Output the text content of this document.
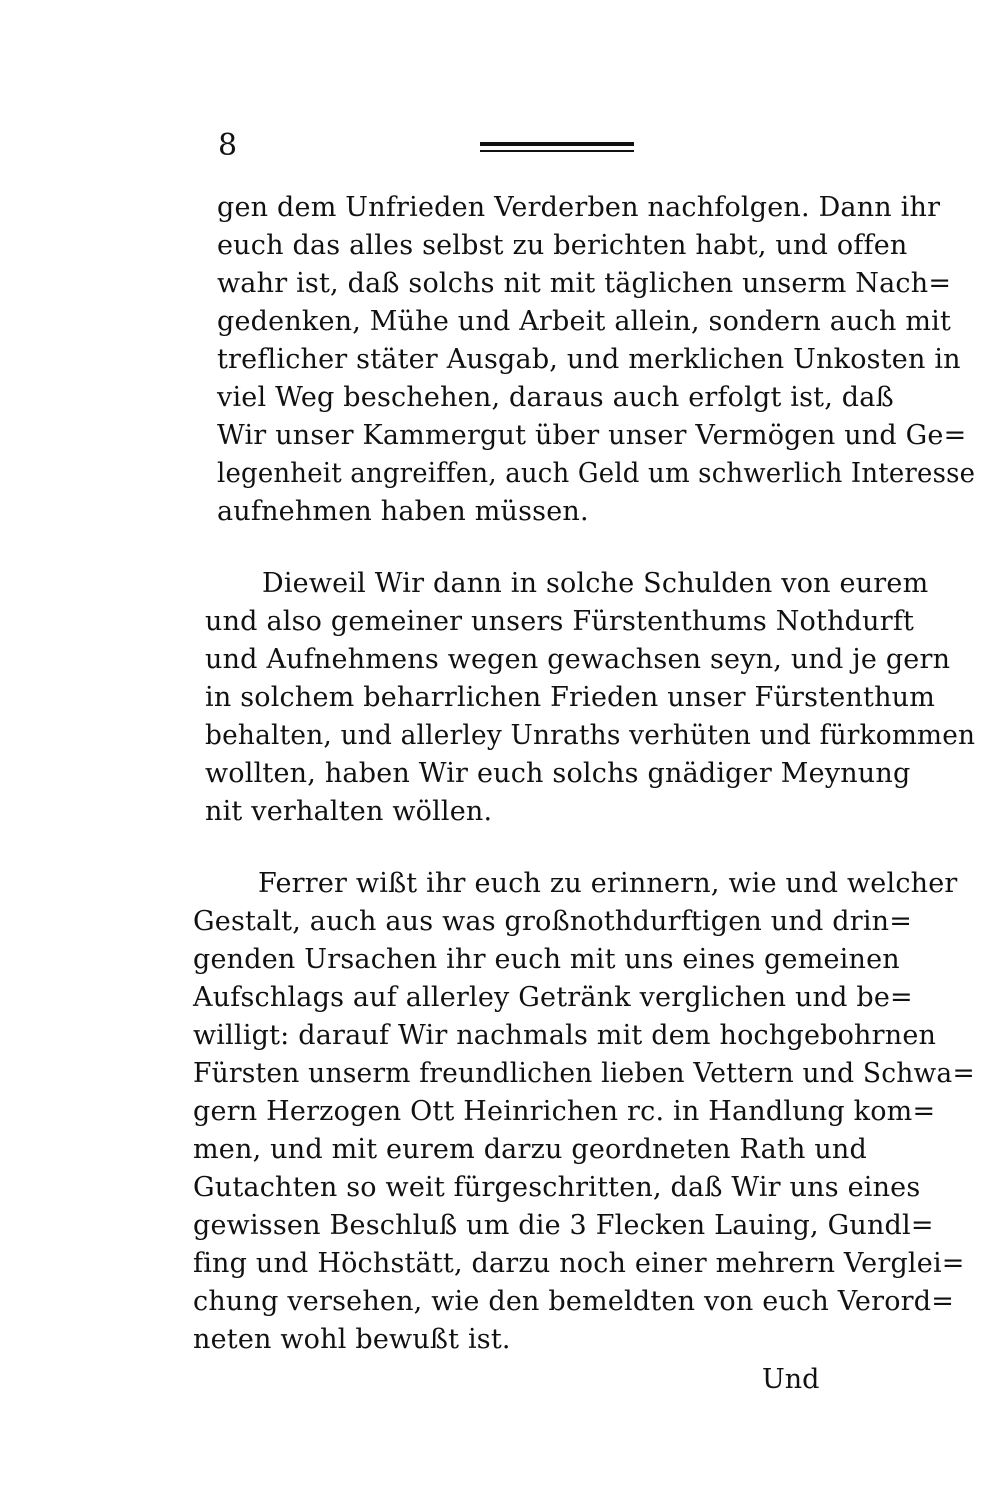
8
gen dem Unfrieden Verderben nachfolgen. Dann ihr
euch das alles selbst zu berichten habt, und offen
wahr ist, daß solchs nit mit täglichen unserm Nach=
gedenken, Mühe und Arbeit allein, sondern auch mit
treflicher stäter Ausgab, und merklichen Unkosten in
viel Weg beschehen, daraus auch erfolgt ist, daß
Wir unser Kammergut über unser Vermögen und Ge=
legenheit angreiffen, auch Geld um schwerlich Interesse
aufnehmen haben müssen.
Dieweil Wir dann in solche Schulden von eurem
und also gemeiner unsers Fürstenthums Nothdurft
und Aufnehmens wegen gewachsen seyn, und je gern
in solchem beharrlichen Frieden unser Fürstenthum
behalten, und allerley Unraths verhüten und fürkommen
wollten, haben Wir euch solchs gnädiger Meynung
nit verhalten wöllen.
Ferrer wißt ihr euch zu erinnern, wie und welcher
Gestalt, auch aus was großnothdurftigen und drin=
genden Ursachen ihr euch mit uns eines gemeinen
Aufschlags auf allerley Getränk verglichen und be=
willigt: darauf Wir nachmals mit dem hochgebohrnen
Fürsten unserm freundlichen lieben Vettern und Schwa=
gern Herzogen Ott Heinrichen rc. in Handlung kom=
men, und mit eurem darzu geordneten Rath und
Gutachten so weit fürgeschritten, daß Wir uns eines
gewissen Beschluß um die 3 Flecken Lauing, Gundl=
fing und Höchstätt, darzu noch einer mehrern Verglei=
chung versehen, wie den bemeldten von euch Verord=
neten wohl bewußt ist.
Und
